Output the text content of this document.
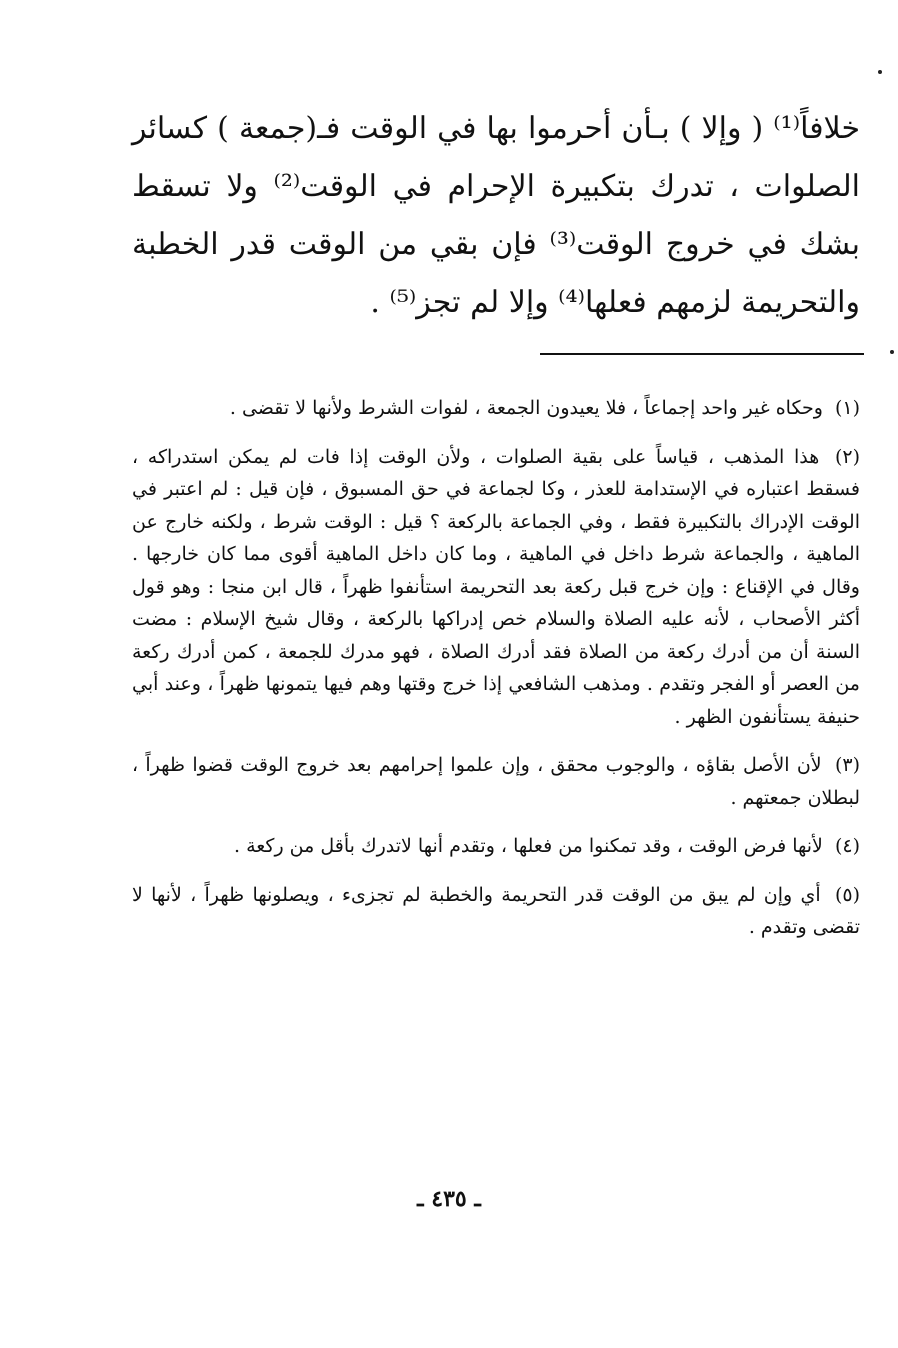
خلافاً⁽¹⁾ ( وإلا ) بـأن أحرموا بها في الوقت فـ(جمعة ) كسائر الصلوات ، تدرك بتكبيرة الإحرام في الوقت⁽²⁾ ولا تسقط بشك في خروج الوقت⁽³⁾ فإن بقي من الوقت قدر الخطبة والتحريمة لزمهم فعلها⁽⁴⁾ وإلا لم تجز⁽⁵⁾ .

(١) وحكاه غير واحد إجماعاً ، فلا يعيدون الجمعة ، لفوات الشرط ولأنها لا تقضى .

(٢) هذا المذهب ، قياساً على بقية الصلوات ، ولأن الوقت إذا فات لم يمكن استدراكه ، فسقط اعتباره في الإستدامة للعذر ، وكا لجماعة في حق المسبوق ، فإن قيل : لم اعتبر في الوقت الإدراك بالتكبيرة فقط ، وفي الجماعة بالركعة ؟ قيل : الوقت شرط ، ولكنه خارج عن الماهية ، والجماعة شرط داخل في الماهية ، وما كان داخل الماهية أقوى مما كان خارجها . وقال في الإقناع : وإن خرج قبل ركعة بعد التحريمة استأنفوا ظهراً ، قال ابن منجا : وهو قول أكثر الأصحاب ، لأنه عليه الصلاة والسلام خص إدراكها بالركعة ، وقال شيخ الإسلام : مضت السنة أن من أدرك ركعة من الصلاة فقد أدرك الصلاة ، فهو مدرك للجمعة ، كمن أدرك ركعة من العصر أو الفجر وتقدم . ومذهب الشافعي إذا خرج وقتها وهم فيها يتمونها ظهراً ، وعند أبي حنيفة يستأنفون الظهر .

(٣) لأن الأصل بقاؤه ، والوجوب محقق ، وإن علموا إحرامهم بعد خروج الوقت قضوا ظهراً ، لبطلان جمعتهم .

(٤) لأنها فرض الوقت ، وقد تمكنوا من فعلها ، وتقدم أنها لاتدرك بأقل من ركعة .

(٥) أي وإن لم يبق من الوقت قدر التحريمة والخطبة لم تجزىء ، ويصلونها ظهراً ، لأنها لا تقضى وتقدم .

ـ ٤٣٥ ـ
